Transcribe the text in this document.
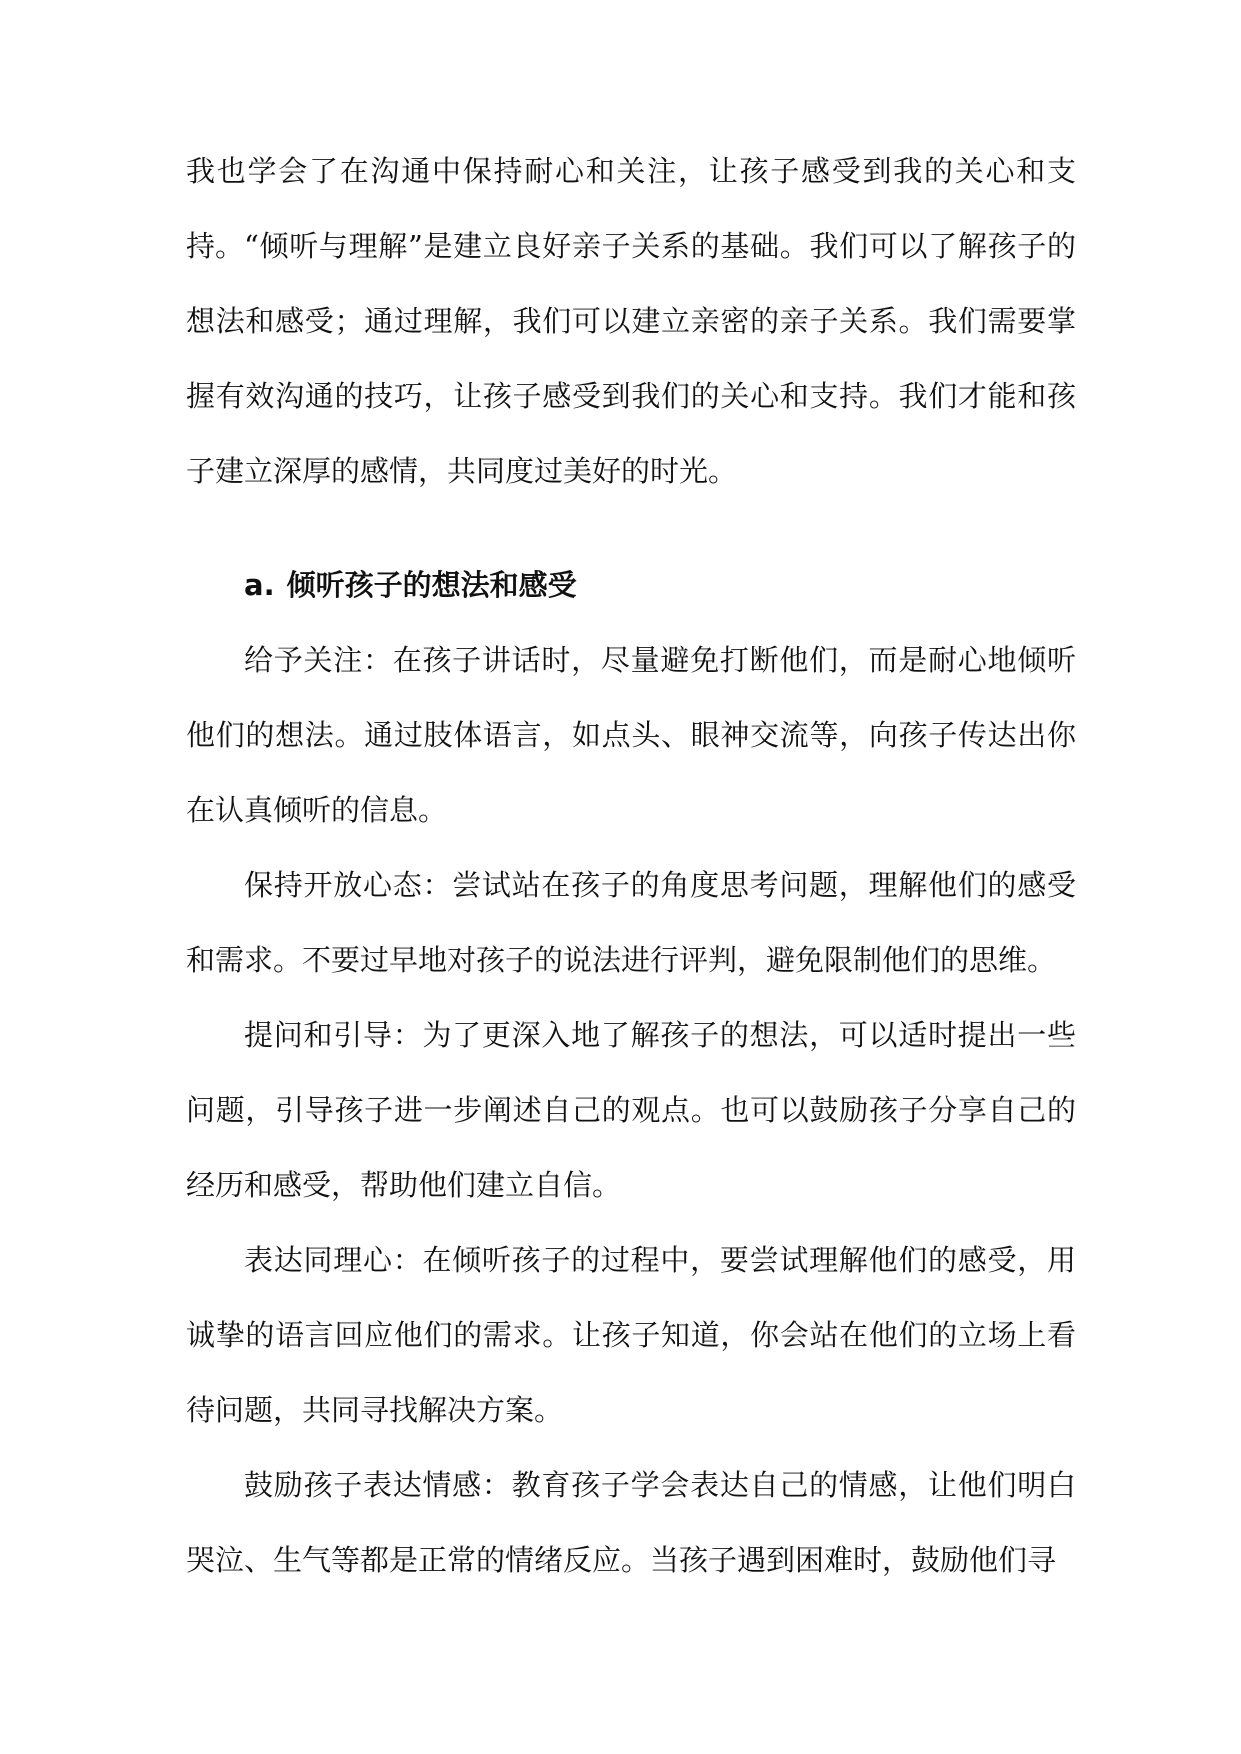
我也学会了在沟通中保持耐心和关注，让孩子感受到我的关心和支持。 “倾听与理解”是建立良好亲子关系的基础。我们可以了解孩子的想法和感受；通过理解，我们可以建立亲密的亲子关系。我们需要掌握有效沟通的技巧，让孩子感受到我们的关心和支持。我们才能和孩子建立深厚的感情，共同度过美好的时光。

a. 倾听孩子的想法和感受

给予关注：在孩子讲话时，尽量避免打断他们，而是耐心地倾听他们的想法。通过肢体语言，如点头、眼神交流等，向孩子传达出你在认真倾听的信息。

保持开放心态：尝试站在孩子的角度思考问题，理解他们的感受和需求。不要过早地对孩子的说法进行评判，避免限制他们的思维。

提问和引导：为了更深入地了解孩子的想法，可以适时提出一些问题，引导孩子进一步阐述自己的观点。也可以鼓励孩子分享自己的经历和感受，帮助他们建立自信。

表达同理心：在倾听孩子的过程中，要尝试理解他们的感受，用诚挚的语言回应他们的需求。让孩子知道，你会站在他们的立场上看待问题，共同寻找解决方案。

鼓励孩子表达情感：教育孩子学会表达自己的情感，让他们明白哭泣、生气等都是正常的情绪反应。当孩子遇到困难时，鼓励他们寻
